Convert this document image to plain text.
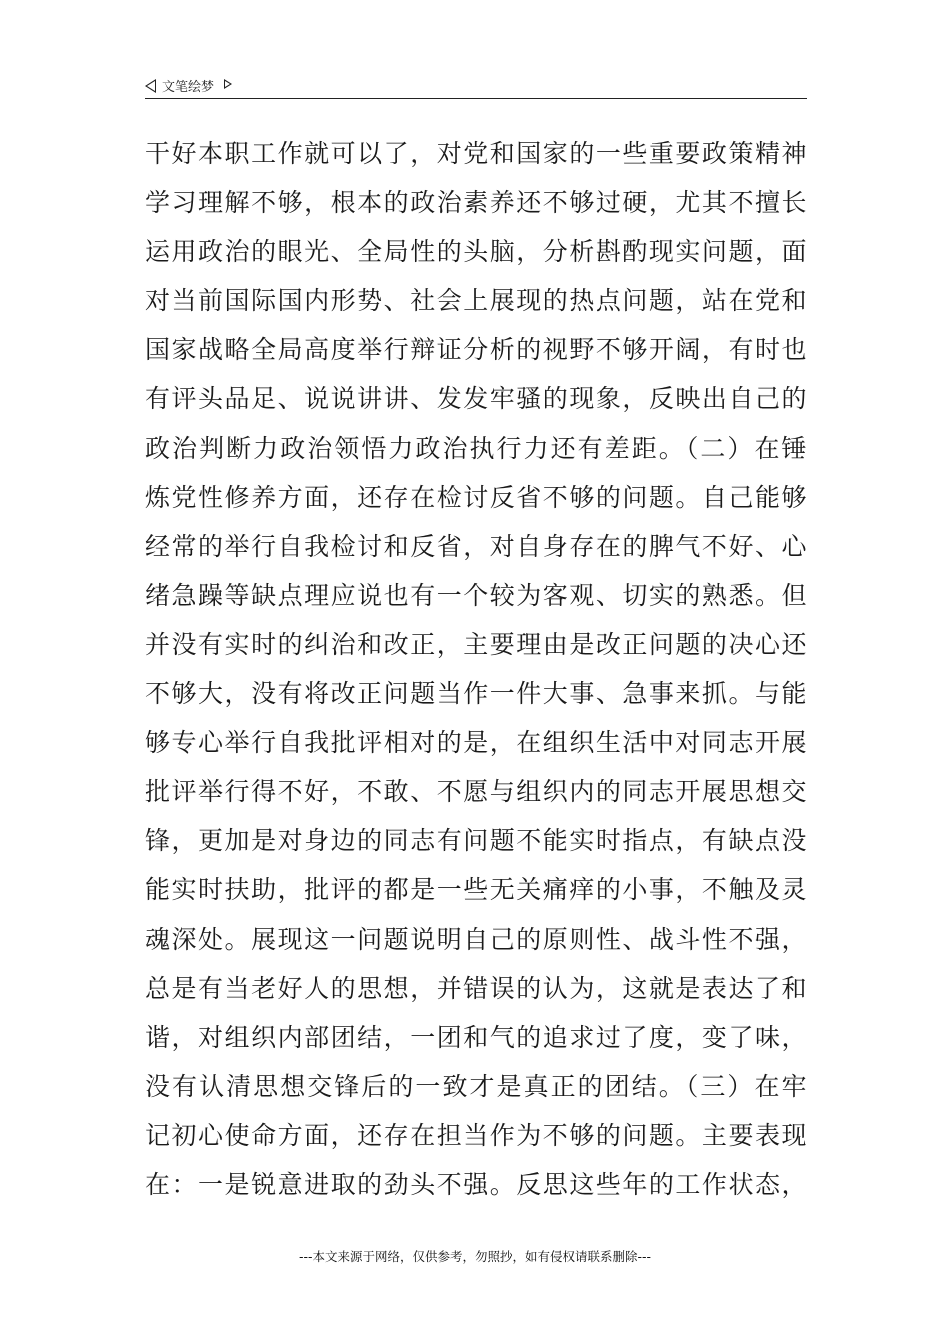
文笔绘梦
干好本职工作就可以了，对党和国家的一些重要政策精神
学习理解不够，根本的政治素养还不够过硬，尤其不擅长
运用政治的眼光、全局性的头脑，分析斟酌现实问题，面
对当前国际国内形势、社会上展现的热点问题，站在党和
国家战略全局高度举行辩证分析的视野不够开阔，有时也
有评头品足、说说讲讲、发发牢骚的现象，反映出自己的
政治判断力政治领悟力政治执行力还有差距。（二）在锤
炼党性修养方面，还存在检讨反省不够的问题。自己能够
经常的举行自我检讨和反省，对自身存在的脾气不好、心
绪急躁等缺点理应说也有一个较为客观、切实的熟悉。但
并没有实时的纠治和改正，主要理由是改正问题的决心还
不够大，没有将改正问题当作一件大事、急事来抓。与能
够专心举行自我批评相对的是，在组织生活中对同志开展
批评举行得不好，不敢、不愿与组织内的同志开展思想交
锋，更加是对身边的同志有问题不能实时指点，有缺点没
能实时扶助，批评的都是一些无关痛痒的小事，不触及灵
魂深处。展现这一问题说明自己的原则性、战斗性不强，
总是有当老好人的思想，并错误的认为，这就是表达了和
谐，对组织内部团结，一团和气的追求过了度，变了味，
没有认清思想交锋后的一致才是真正的团结。（三）在牢
记初心使命方面，还存在担当作为不够的问题。主要表现
在：一是锐意进取的劲头不强。反思这些年的工作状态，
---本文来源于网络，仅供参考，勿照抄，如有侵权请联系删除---
